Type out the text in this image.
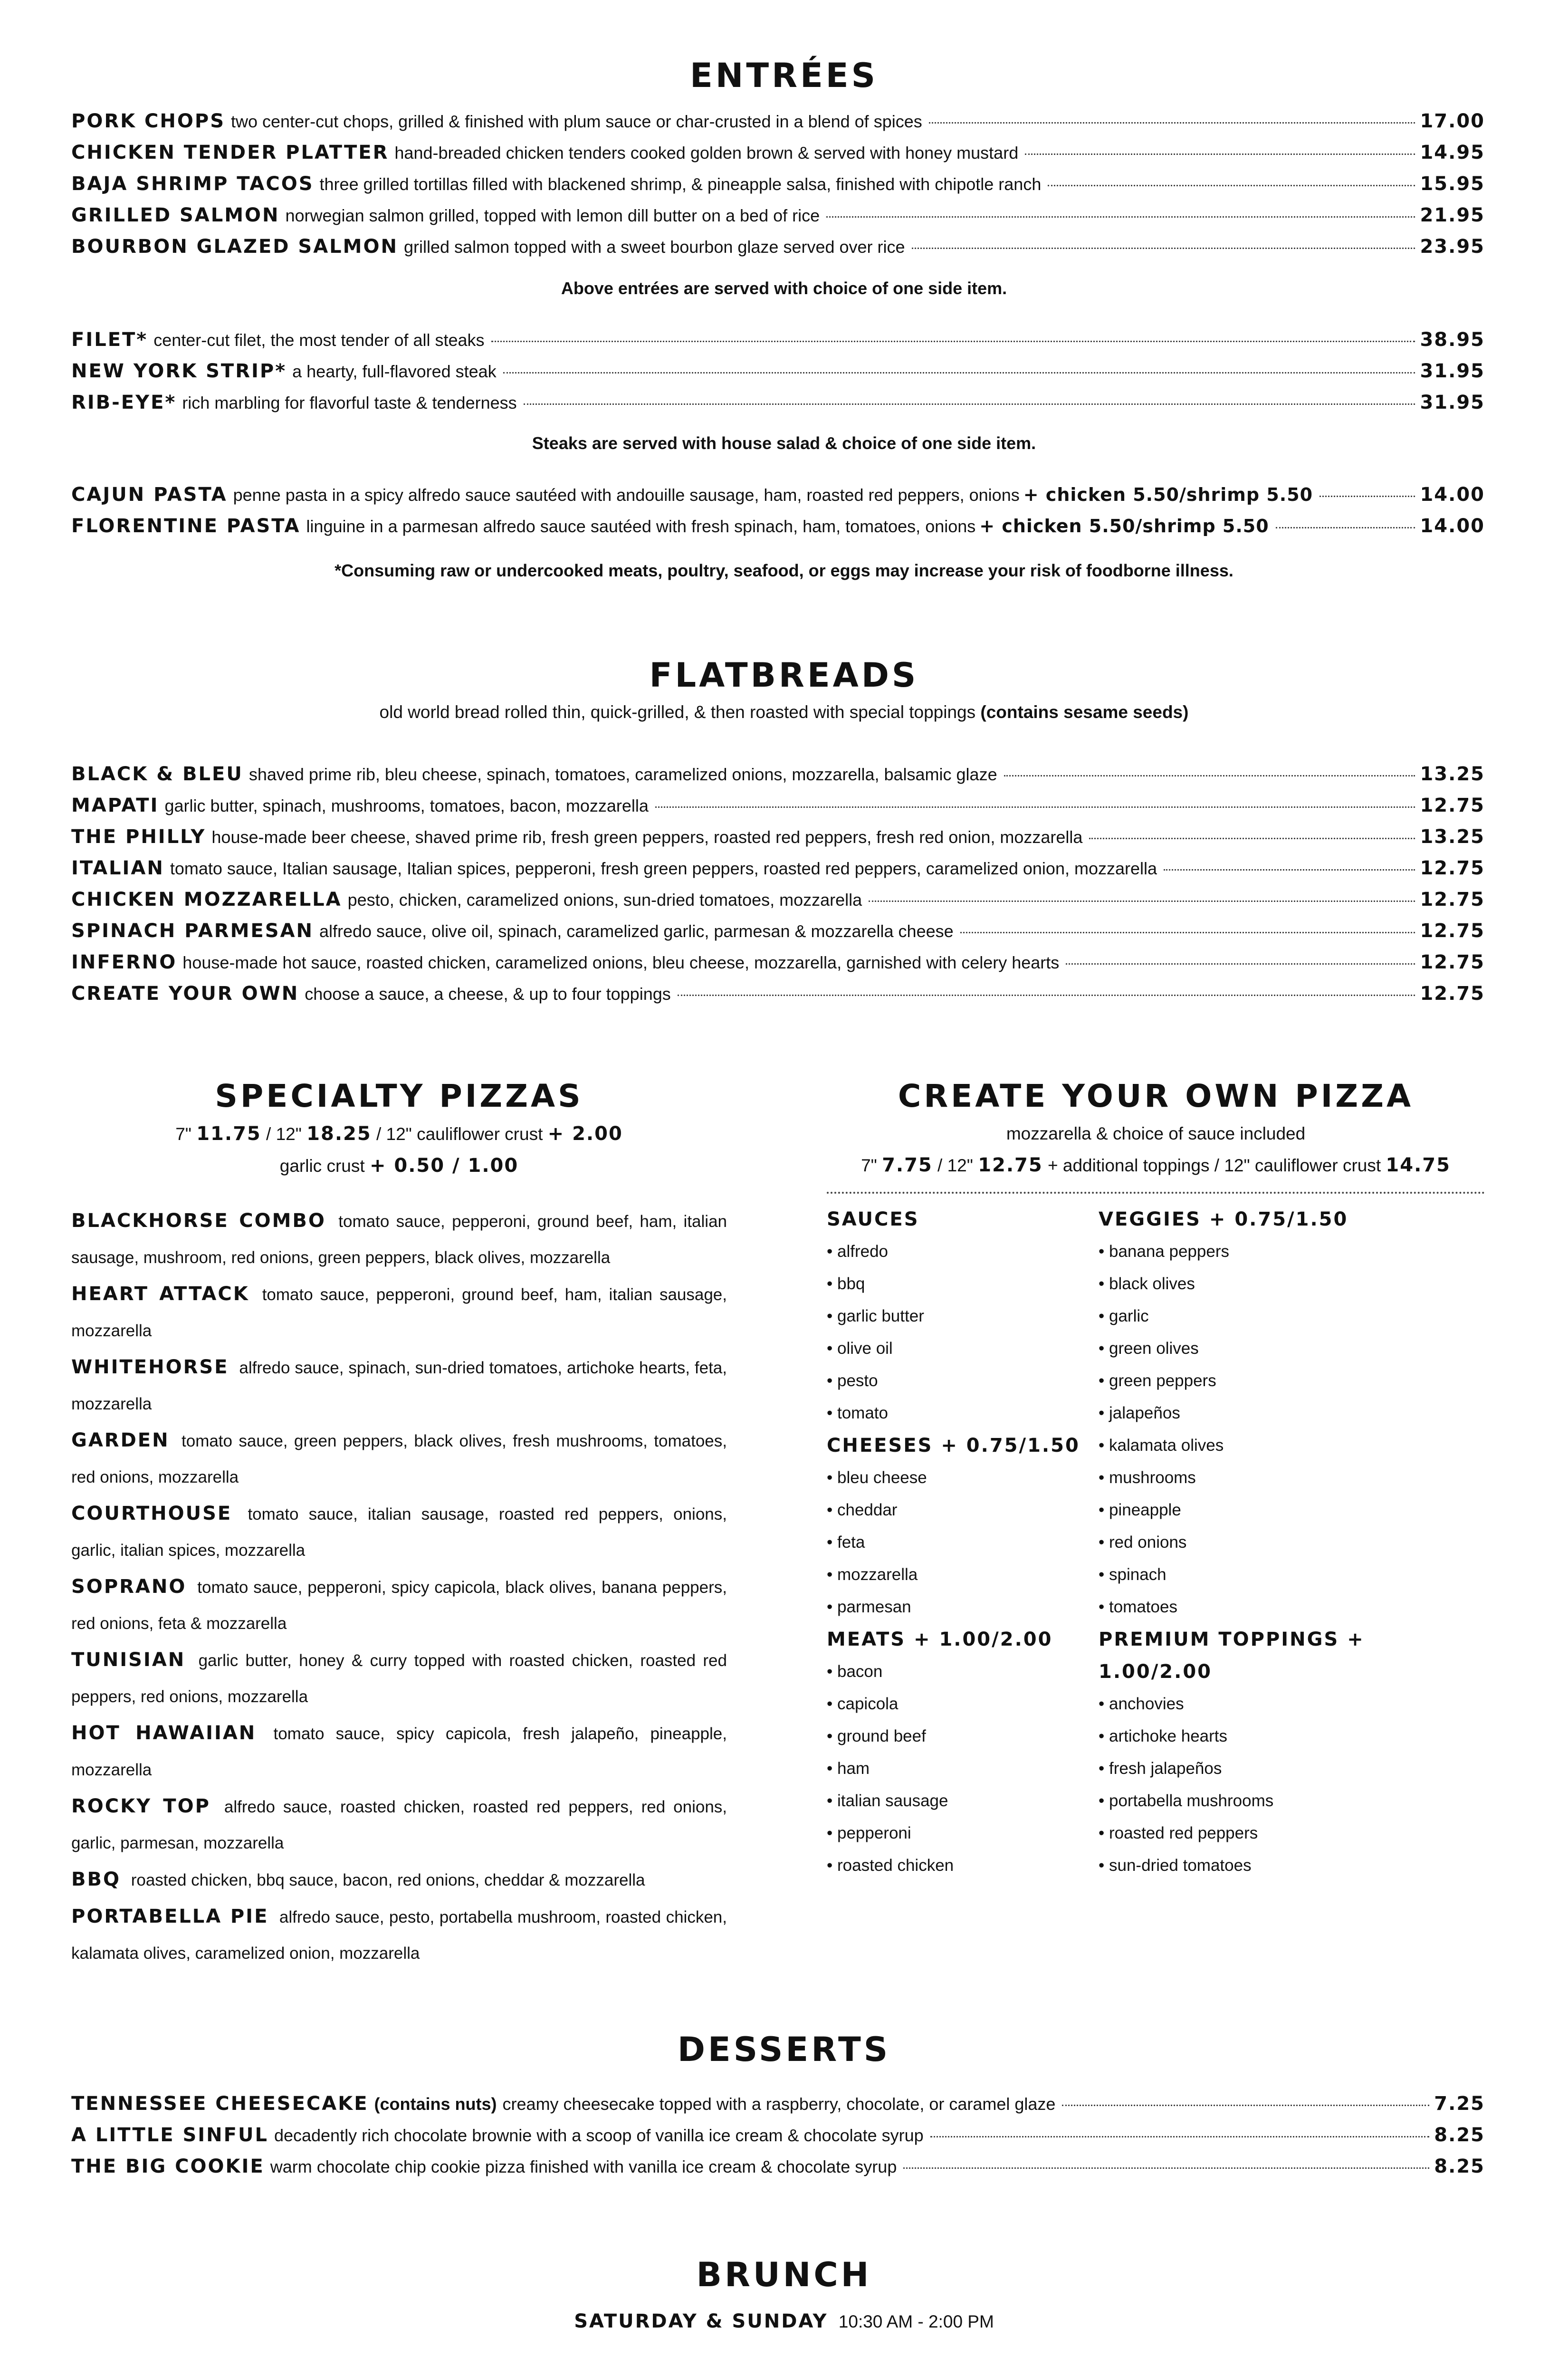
ENTRÉES
PORK CHOPS two center-cut chops, grilled & finished with plum sauce or char-crusted in a blend of spices	17.00
CHICKEN TENDER PLATTER hand-breaded chicken tenders cooked golden brown & served with honey mustard	14.95
BAJA SHRIMP TACOS three grilled tortillas filled with blackened shrimp, & pineapple salsa, finished with chipotle ranch	15.95
GRILLED SALMON norwegian salmon grilled, topped with lemon dill butter on a bed of rice	21.95
BOURBON GLAZED SALMON grilled salmon topped with a sweet bourbon glaze served over rice	23.95
Above entrées are served with choice of one side item.
FILET* center-cut filet, the most tender of all steaks	38.95
NEW YORK STRIP* a hearty, full-flavored steak	31.95
RIB-EYE* rich marbling for flavorful taste & tenderness	31.95
Steaks are served with house salad & choice of one side item.
CAJUN PASTA penne pasta in a spicy alfredo sauce sautéed with andouille sausage, ham, roasted red peppers, onions + chicken 5.50/shrimp 5.50	14.00
FLORENTINE PASTA linguine in a parmesan alfredo sauce sautéed with fresh spinach, ham, tomatoes, onions + chicken 5.50/shrimp 5.50	14.00
*Consuming raw or undercooked meats, poultry, seafood, or eggs may increase your risk of foodborne illness.
FLATBREADS
old world bread rolled thin, quick-grilled, & then roasted with special toppings (contains sesame seeds)
BLACK & BLEU shaved prime rib, bleu cheese, spinach, tomatoes, caramelized onions, mozzarella, balsamic glaze	13.25
MAPATI garlic butter, spinach, mushrooms, tomatoes, bacon, mozzarella	12.75
THE PHILLY house-made beer cheese, shaved prime rib, fresh green peppers, roasted red peppers, fresh red onion, mozzarella	13.25
ITALIAN tomato sauce, Italian sausage, Italian spices, pepperoni, fresh green peppers, roasted red peppers, caramelized onion, mozzarella	12.75
CHICKEN MOZZARELLA pesto, chicken, caramelized onions, sun-dried tomatoes, mozzarella	12.75
SPINACH PARMESAN alfredo sauce, olive oil, spinach, caramelized garlic, parmesan & mozzarella cheese	12.75
INFERNO house-made hot sauce, roasted chicken, caramelized onions, bleu cheese, mozzarella, garnished with celery hearts	12.75
CREATE YOUR OWN choose a sauce, a cheese, & up to four toppings	12.75
SPECIALTY PIZZAS
7" 11.75 / 12" 18.25 / 12" cauliflower crust + 2.00
garlic crust + 0.50 / 1.00

BLACKHORSE COMBO tomato sauce, pepperoni, ground beef, ham, italian sausage, mushroom, red onions, green peppers, black olives, mozzarella

HEART ATTACK tomato sauce, pepperoni, ground beef, ham, italian sausage, mozzarella

WHITEHORSE alfredo sauce, spinach, sun-dried tomatoes, artichoke hearts, feta, mozzarella

GARDEN tomato sauce, green peppers, black olives, fresh mushrooms, tomatoes, red onions, mozzarella

COURTHOUSE tomato sauce, italian sausage, roasted red peppers, onions, garlic, italian spices, mozzarella

SOPRANO tomato sauce, pepperoni, spicy capicola, black olives, banana peppers, red onions, feta & mozzarella

TUNISIAN garlic butter, honey & curry topped with roasted chicken, roasted red peppers, red onions, mozzarella

HOT HAWAIIAN tomato sauce, spicy capicola, fresh jalapeño, pineapple, mozzarella

ROCKY TOP alfredo sauce, roasted chicken, roasted red peppers, red onions, garlic, parmesan, mozzarella

BBQ roasted chicken, bbq sauce, bacon, red onions, cheddar & mozzarella

PORTABELLA PIE alfredo sauce, pesto, portabella mushroom, roasted chicken, kalamata olives, caramelized onion, mozzarella

CREATE YOUR OWN PIZZA
mozzarella & choice of sauce included
7" 7.75 / 12" 12.75 + additional toppings / 12" cauliflower crust 14.75
SAUCES
• alfredo
• bbq
• garlic butter
• olive oil
• pesto
• tomato
CHEESES + 0.75/1.50
• bleu cheese
• cheddar
• feta
• mozzarella
• parmesan
MEATS + 1.00/2.00
• bacon
• capicola
• ground beef
• ham
• italian sausage
• pepperoni
• roasted chicken
VEGGIES + 0.75/1.50
• banana peppers
• black olives
• garlic
• green olives
• green peppers
• jalapeños
• kalamata olives
• mushrooms
• pineapple
• red onions
• spinach
• tomatoes
PREMIUM TOPPINGS + 1.00/2.00
• anchovies
• artichoke hearts
• fresh jalapeños
• portabella mushrooms
• roasted red peppers
• sun-dried tomatoes
DESSERTS
TENNESSEE CHEESECAKE (contains nuts) creamy cheesecake topped with a raspberry, chocolate, or caramel glaze	7.25
A LITTLE SINFUL decadently rich chocolate brownie with a scoop of vanilla ice cream & chocolate syrup	8.25
THE BIG COOKIE warm chocolate chip cookie pizza finished with vanilla ice cream & chocolate syrup	8.25
BRUNCH
SATURDAY & SUNDAY 10:30 AM - 2:00 PM
